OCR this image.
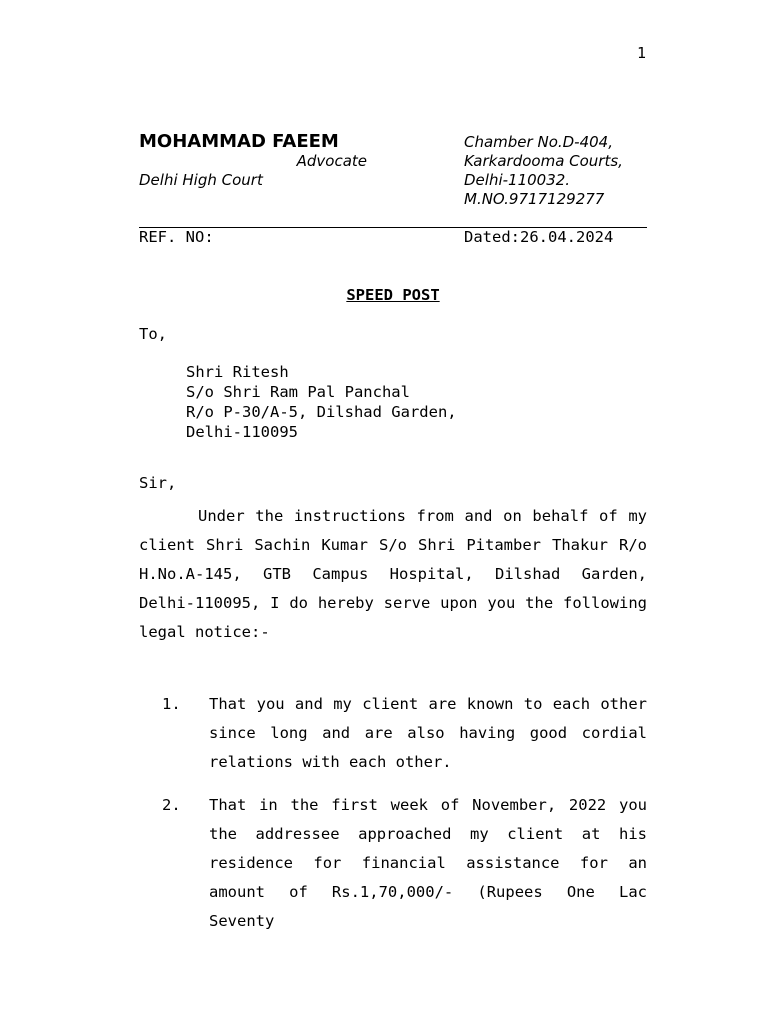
1
MOHAMMAD FAEEM
Advocate
Delhi High Court
Chamber No.D-404,
Karkardooma Courts,
Delhi-110032.
M.NO.9717129277
REF. NO:	Dated:26.04.2024
SPEED POST
To,
Shri Ritesh
S/o Shri Ram Pal Panchal
R/o P-30/A-5, Dilshad Garden,
Delhi-110095
Sir,

Under the instructions from and on behalf of my client Shri Sachin Kumar S/o Shri Pitamber Thakur R/o H.No.A-145, GTB Campus Hospital, Dilshad Garden, Delhi-110095, I do hereby serve upon you the following legal notice:-

1. That you and my client are known to each other since long and are also having good cordial relations with each other.

2. That in the first week of November, 2022 you the addressee approached my client at his residence for financial assistance for an amount of Rs.1,70,000/- (Rupees One Lac Seventy
